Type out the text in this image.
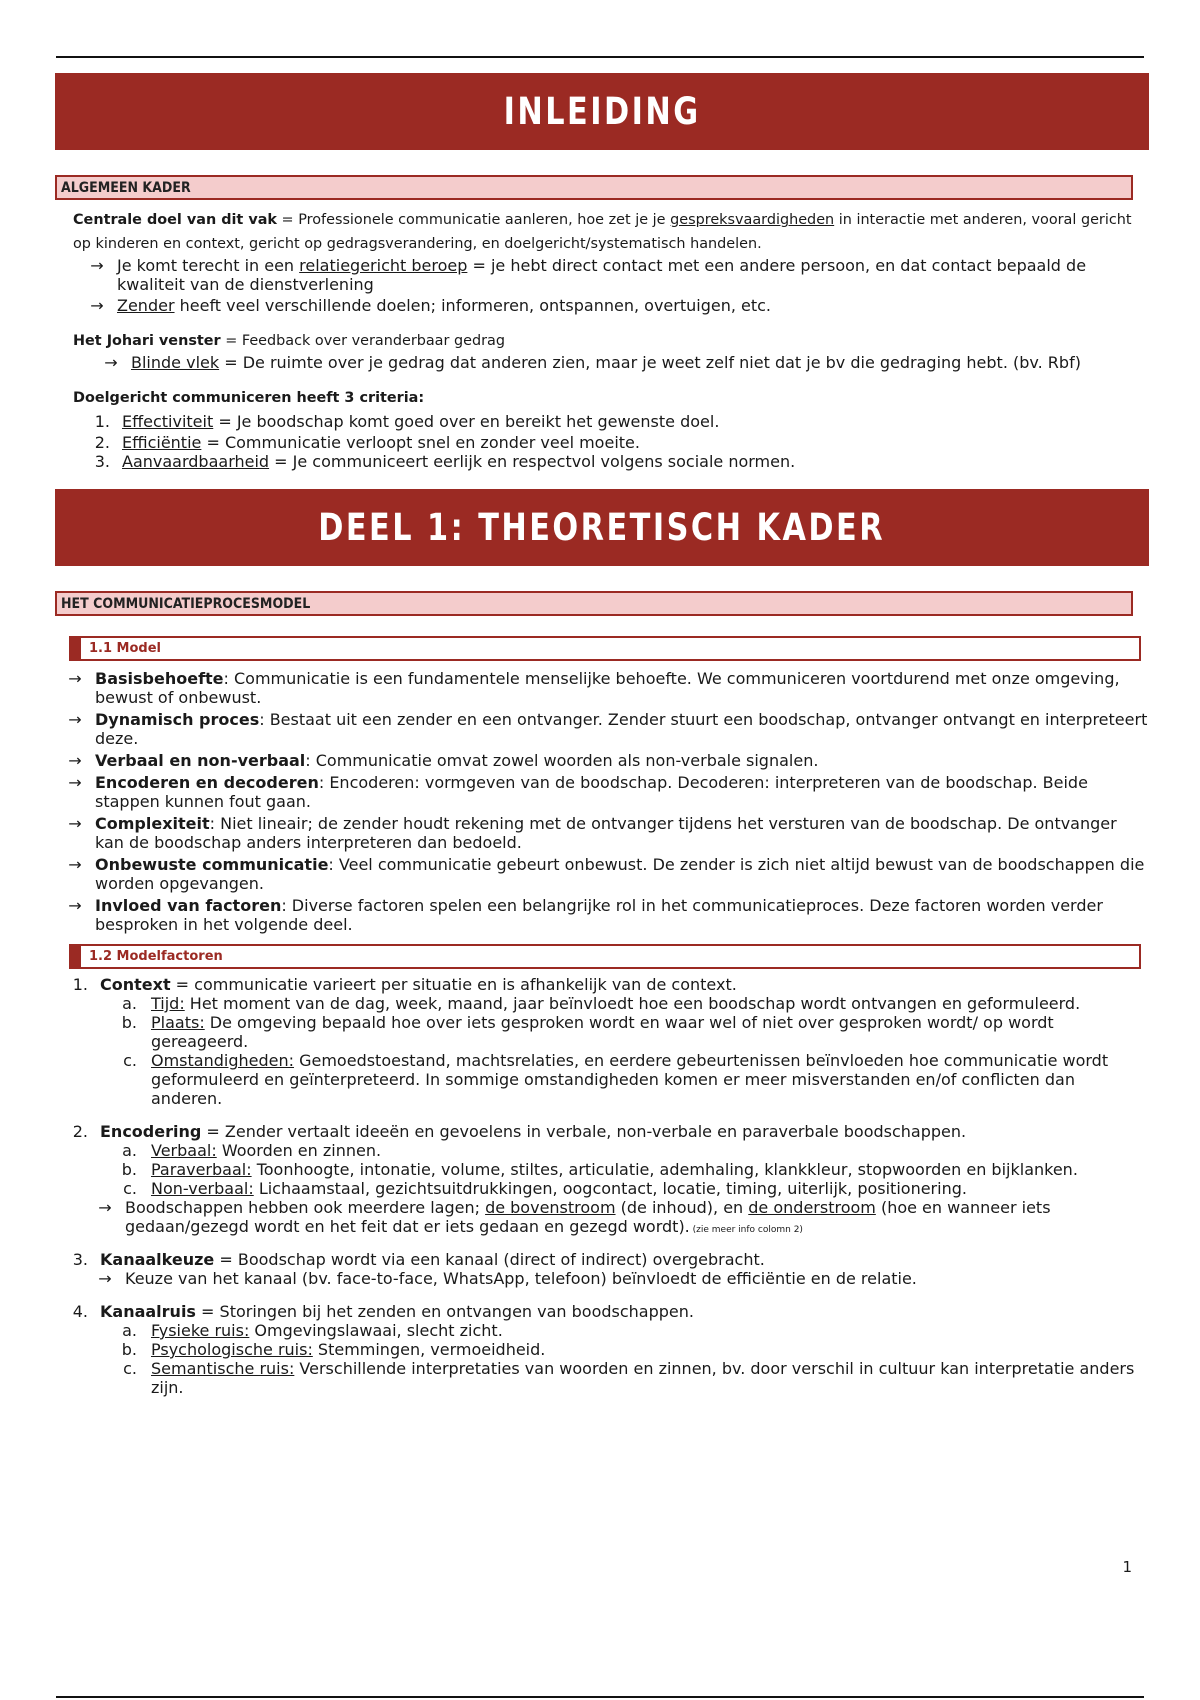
INLEIDING
ALGEMEEN KADER

Centrale doel van dit vak = Professionele communicatie aanleren, hoe zet je je gespreksvaardigheden in interactie met anderen, vooral gericht op kinderen en context, gericht op gedragsverandering, en doelgericht/systematisch handelen.

→ Je komt terecht in een relatiegericht beroep = je hebt direct contact met een andere persoon, en dat contact bepaald de kwaliteit van de dienstverlening
→ Zender heeft veel verschillende doelen; informeren, ontspannen, overtuigen, etc.

Het Johari venster = Feedback over veranderbaar gedrag

→ Blinde vlek = De ruimte over je gedrag dat anderen zien, maar je weet zelf niet dat je bv die gedraging hebt. (bv. Rbf)

Doelgericht communiceren heeft 3 criteria:

1. Effectiviteit = Je boodschap komt goed over en bereikt het gewenste doel.
2. Efficiëntie = Communicatie verloopt snel en zonder veel moeite.
3. Aanvaardbaarheid = Je communiceert eerlijk en respectvol volgens sociale normen.
DEEL 1: THEORETISCH KADER
HET COMMUNICATIEPROCESMODEL
1.1 Model
→ Basisbehoefte: Communicatie is een fundamentele menselijke behoefte. We communiceren voortdurend met onze omgeving, bewust of onbewust.
→ Dynamisch proces: Bestaat uit een zender en een ontvanger. Zender stuurt een boodschap, ontvanger ontvangt en interpreteert deze.
→ Verbaal en non-verbaal: Communicatie omvat zowel woorden als non-verbale signalen.
→ Encoderen en decoderen: Encoderen: vormgeven van de boodschap. Decoderen: interpreteren van de boodschap. Beide stappen kunnen fout gaan.
→ Complexiteit: Niet lineair; de zender houdt rekening met de ontvanger tijdens het versturen van de boodschap. De ontvanger kan de boodschap anders interpreteren dan bedoeld.
→ Onbewuste communicatie: Veel communicatie gebeurt onbewust. De zender is zich niet altijd bewust van de boodschappen die worden opgevangen.
→ Invloed van factoren: Diverse factoren spelen een belangrijke rol in het communicatieproces. Deze factoren worden verder besproken in het volgende deel.
1.2 Modelfactoren
1. Context = communicatie varieert per situatie en is afhankelijk van de context.
a. Tijd: Het moment van de dag, week, maand, jaar beïnvloedt hoe een boodschap wordt ontvangen en geformuleerd.
b. Plaats: De omgeving bepaald hoe over iets gesproken wordt en waar wel of niet over gesproken wordt/ op wordt gereageerd.
c. Omstandigheden: Gemoedstoestand, machtsrelaties, en eerdere gebeurtenissen beïnvloeden hoe communicatie wordt geformuleerd en geïnterpreteerd. In sommige omstandigheden komen er meer misverstanden en/of conflicten dan anderen.
2. Encodering = Zender vertaalt ideeën en gevoelens in verbale, non-verbale en paraverbale boodschappen.
a. Verbaal: Woorden en zinnen.
b. Paraverbaal: Toonhoogte, intonatie, volume, stiltes, articulatie, ademhaling, klankkleur, stopwoorden en bijklanken.
c. Non-verbaal: Lichaamstaal, gezichtsuitdrukkingen, oogcontact, locatie, timing, uiterlijk, positionering.
→ Boodschappen hebben ook meerdere lagen; de bovenstroom (de inhoud), en de onderstroom (hoe en wanneer iets gedaan/gezegd wordt en het feit dat er iets gedaan en gezegd wordt). (zie meer info colomn 2)
3. Kanaalkeuze = Boodschap wordt via een kanaal (direct of indirect) overgebracht.
→ Keuze van het kanaal (bv. face-to-face, WhatsApp, telefoon) beïnvloedt de efficiëntie en de relatie.
4. Kanaalruis = Storingen bij het zenden en ontvangen van boodschappen.
a. Fysieke ruis: Omgevingslawaai, slecht zicht.
b. Psychologische ruis: Stemmingen, vermoeidheid.
c. Semantische ruis: Verschillende interpretaties van woorden en zinnen, bv. door verschil in cultuur kan interpretatie anders zijn.
1
